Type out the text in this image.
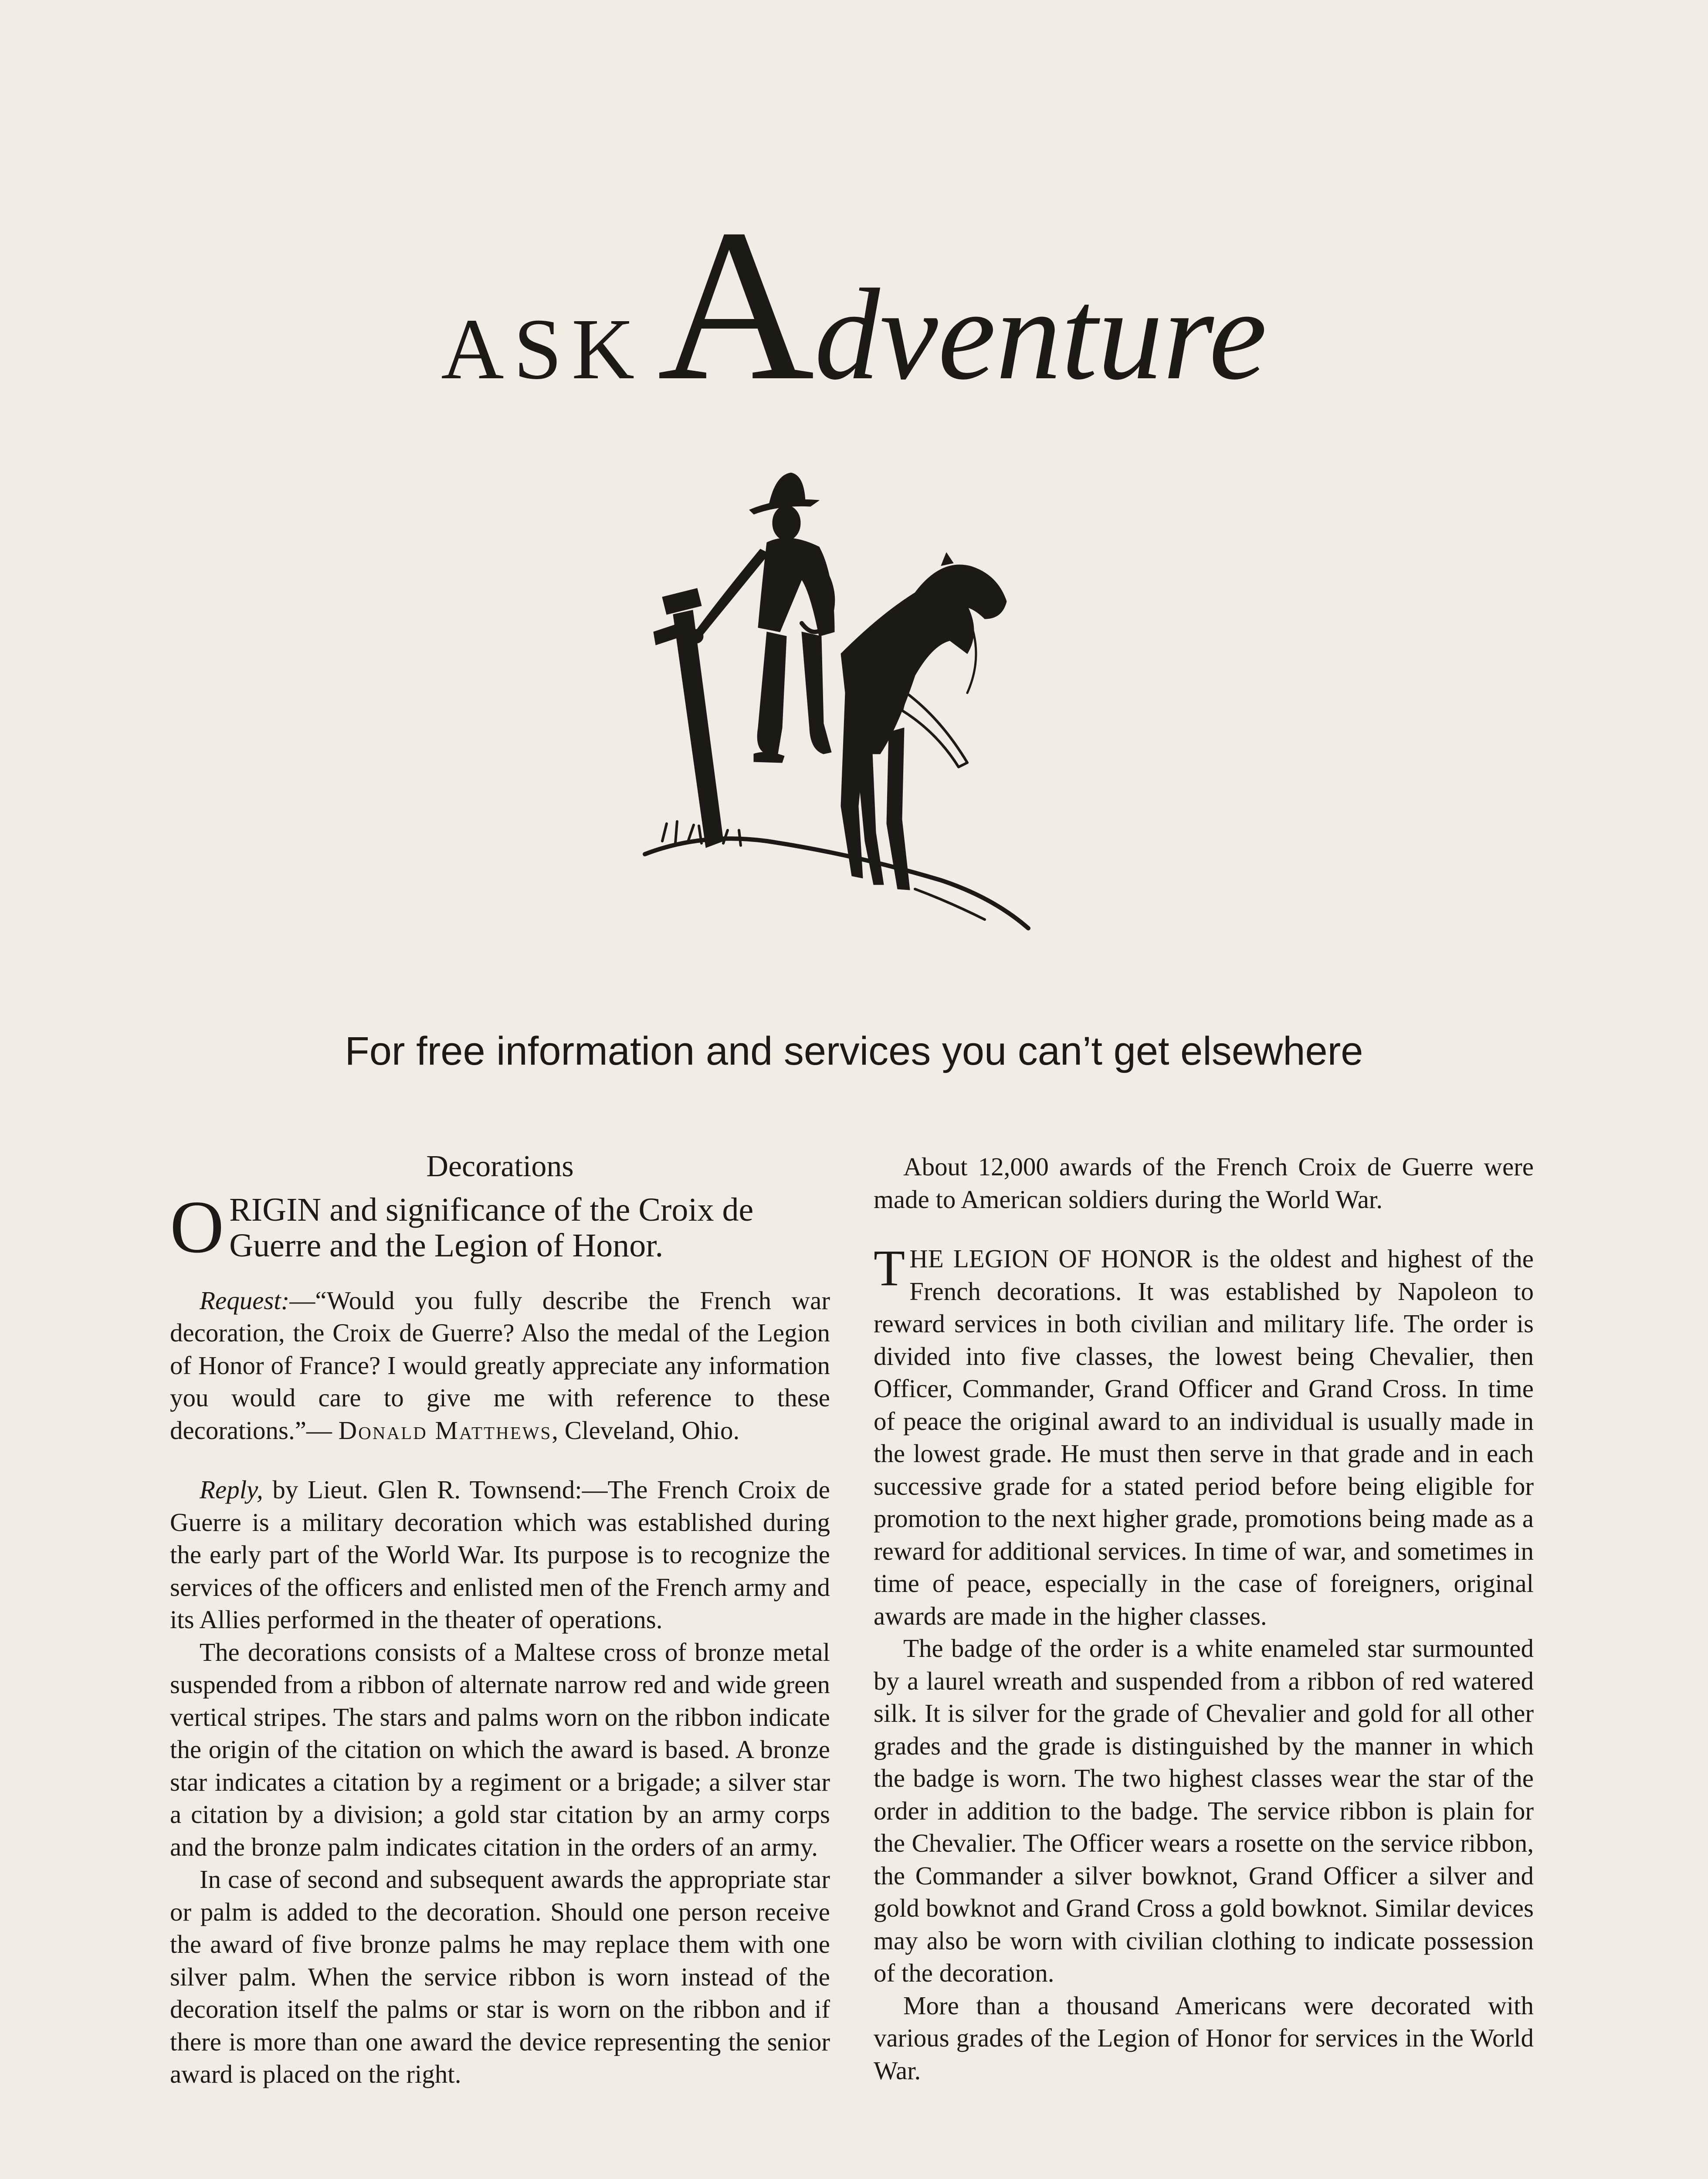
ASKAdventure
For free information and services you can’t get elsewhere
Decorations
ORIGIN and significance of the Croix de Guerre and the Legion of Honor.

Request:—“Would you fully describe the French war decoration, the Croix de Guerre? Also the medal of the Legion of Honor of France? I would greatly appreciate any information you would care to give me with reference to these decorations.”— Donald Matthews, Cleveland, Ohio.

Reply, by Lieut. Glen R. Townsend:—The French Croix de Guerre is a military decoration which was established during the early part of the World War. Its purpose is to recognize the services of the officers and enlisted men of the French army and its Allies performed in the theater of operations.

The decorations consists of a Maltese cross of bronze metal suspended from a ribbon of alternate narrow red and wide green vertical stripes. The stars and palms worn on the ribbon indicate the origin of the citation on which the award is based. A bronze star indicates a citation by a regiment or a brigade; a silver star a citation by a division; a gold star citation by an army corps and the bronze palm indicates citation in the orders of an army.

In case of second and subsequent awards the appropriate star or palm is added to the decoration. Should one person receive the award of five bronze palms he may replace them with one silver palm. When the service ribbon is worn instead of the decoration itself the palms or star is worn on the ribbon and if there is more than one award the device representing the senior award is placed on the right.

About 12,000 awards of the French Croix de Guerre were made to American soldiers during the World War.

THE LEGION OF HONOR is the oldest and highest of the French decorations. It was established by Napoleon to reward services in both civilian and military life. The order is divided into five classes, the lowest being Chevalier, then Officer, Commander, Grand Officer and Grand Cross. In time of peace the original award to an individual is usually made in the lowest grade. He must then serve in that grade and in each successive grade for a stated period before being eligible for promotion to the next higher grade, promotions being made as a reward for additional services. In time of war, and sometimes in time of peace, especially in the case of foreigners, original awards are made in the higher classes.

The badge of the order is a white enameled star surmounted by a laurel wreath and suspended from a ribbon of red watered silk. It is silver for the grade of Chevalier and gold for all other grades and the grade is distinguished by the manner in which the badge is worn. The two highest classes wear the star of the order in addition to the badge. The service ribbon is plain for the Chevalier. The Officer wears a rosette on the service ribbon, the Commander a silver bowknot, Grand Officer a silver and gold bowknot and Grand Cross a gold bowknot. Similar devices may also be worn with civilian clothing to indicate possession of the decoration.

More than a thousand Americans were decorated with various grades of the Legion of Honor for services in the World War.
